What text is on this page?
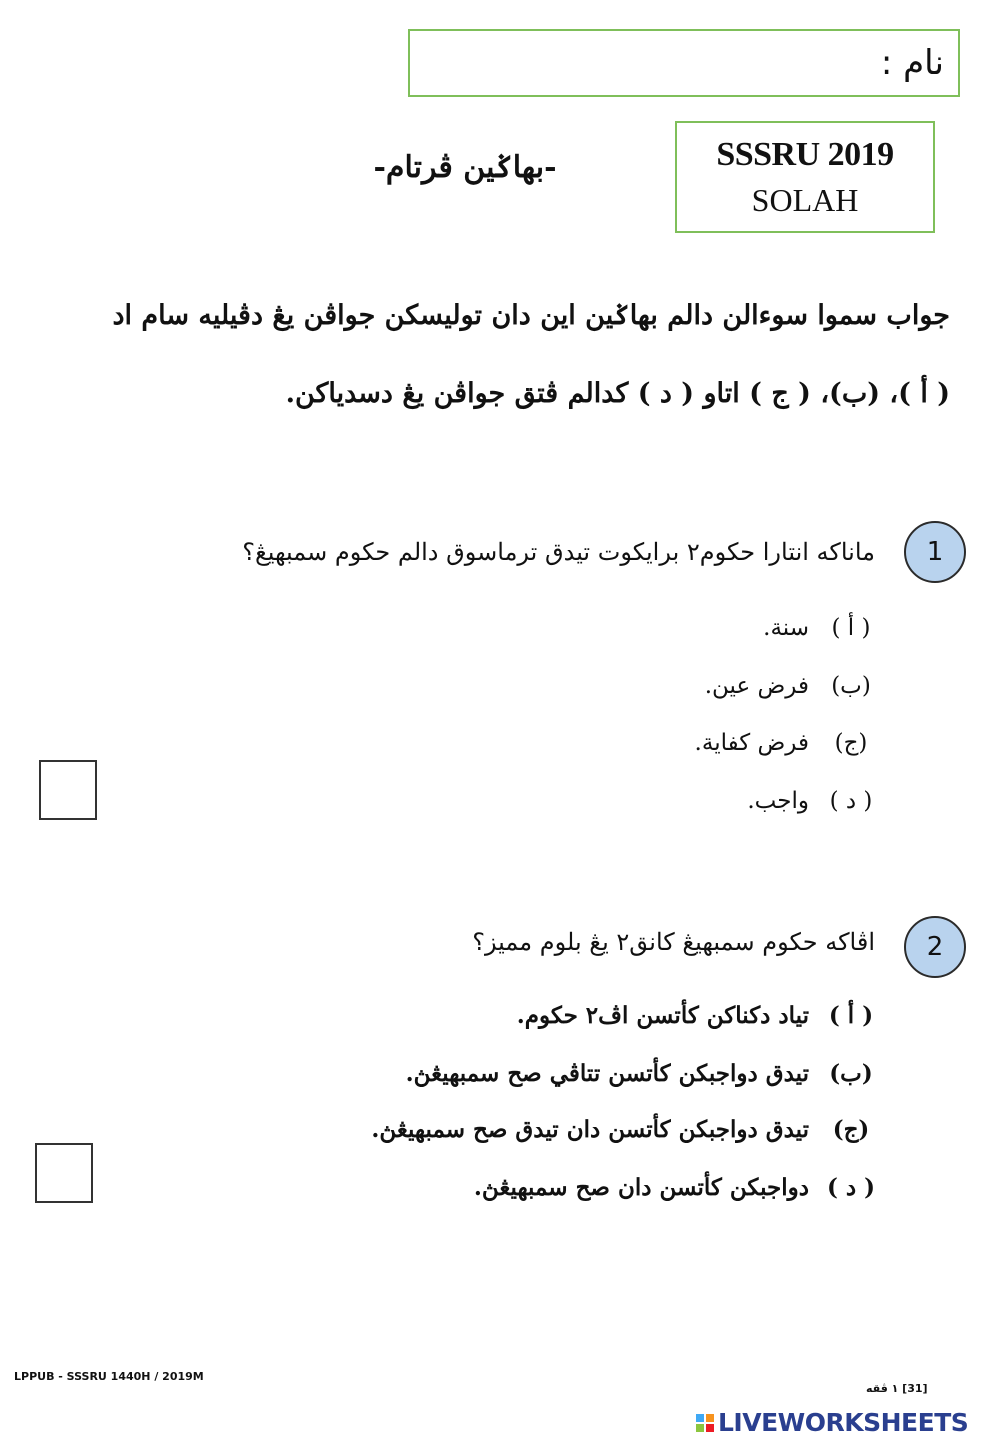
نام :
SSSRU 2019
SOLAH
-بهاݢين ڤرتام-
جواب سموا سوءالن دالم بهاݢين اين دان توليسکن جواڤن يڠ دڤيليه سام اد
( أ )، (ب)، ( ج ) اتاو ( د ) کدالم ڤتق جواڤن يڠ دسدياکن.
1
ماناکه انتارا حکوم٢ برايکوت تيدق ترماسوق دالم حکوم سمبهيڠ؟
( أ )
سنة.
(ب)
فرض عين.
(ج)
فرض کفاية.
( د )
واجب.
2
اڤاکه حکوم سمبهيڠ کانق٢ يڠ بلوم مميز؟
( أ )
تياد دکناکن کأتسن اڤ٢ حکوم.
(ب)
تيدق دواجبکن کأتسن تتاڤي صح سمبهيڠڽ.
(ج)
تيدق دواجبکن کأتسن دان تيدق صح سمبهيڠڽ.
( د )
دواجبکن کأتسن دان صح سمبهيڠڽ.
LPPUB - SSSRU 1440H / 2019M
[31] ١ ڤقه
LIVEWORKSHEETS
